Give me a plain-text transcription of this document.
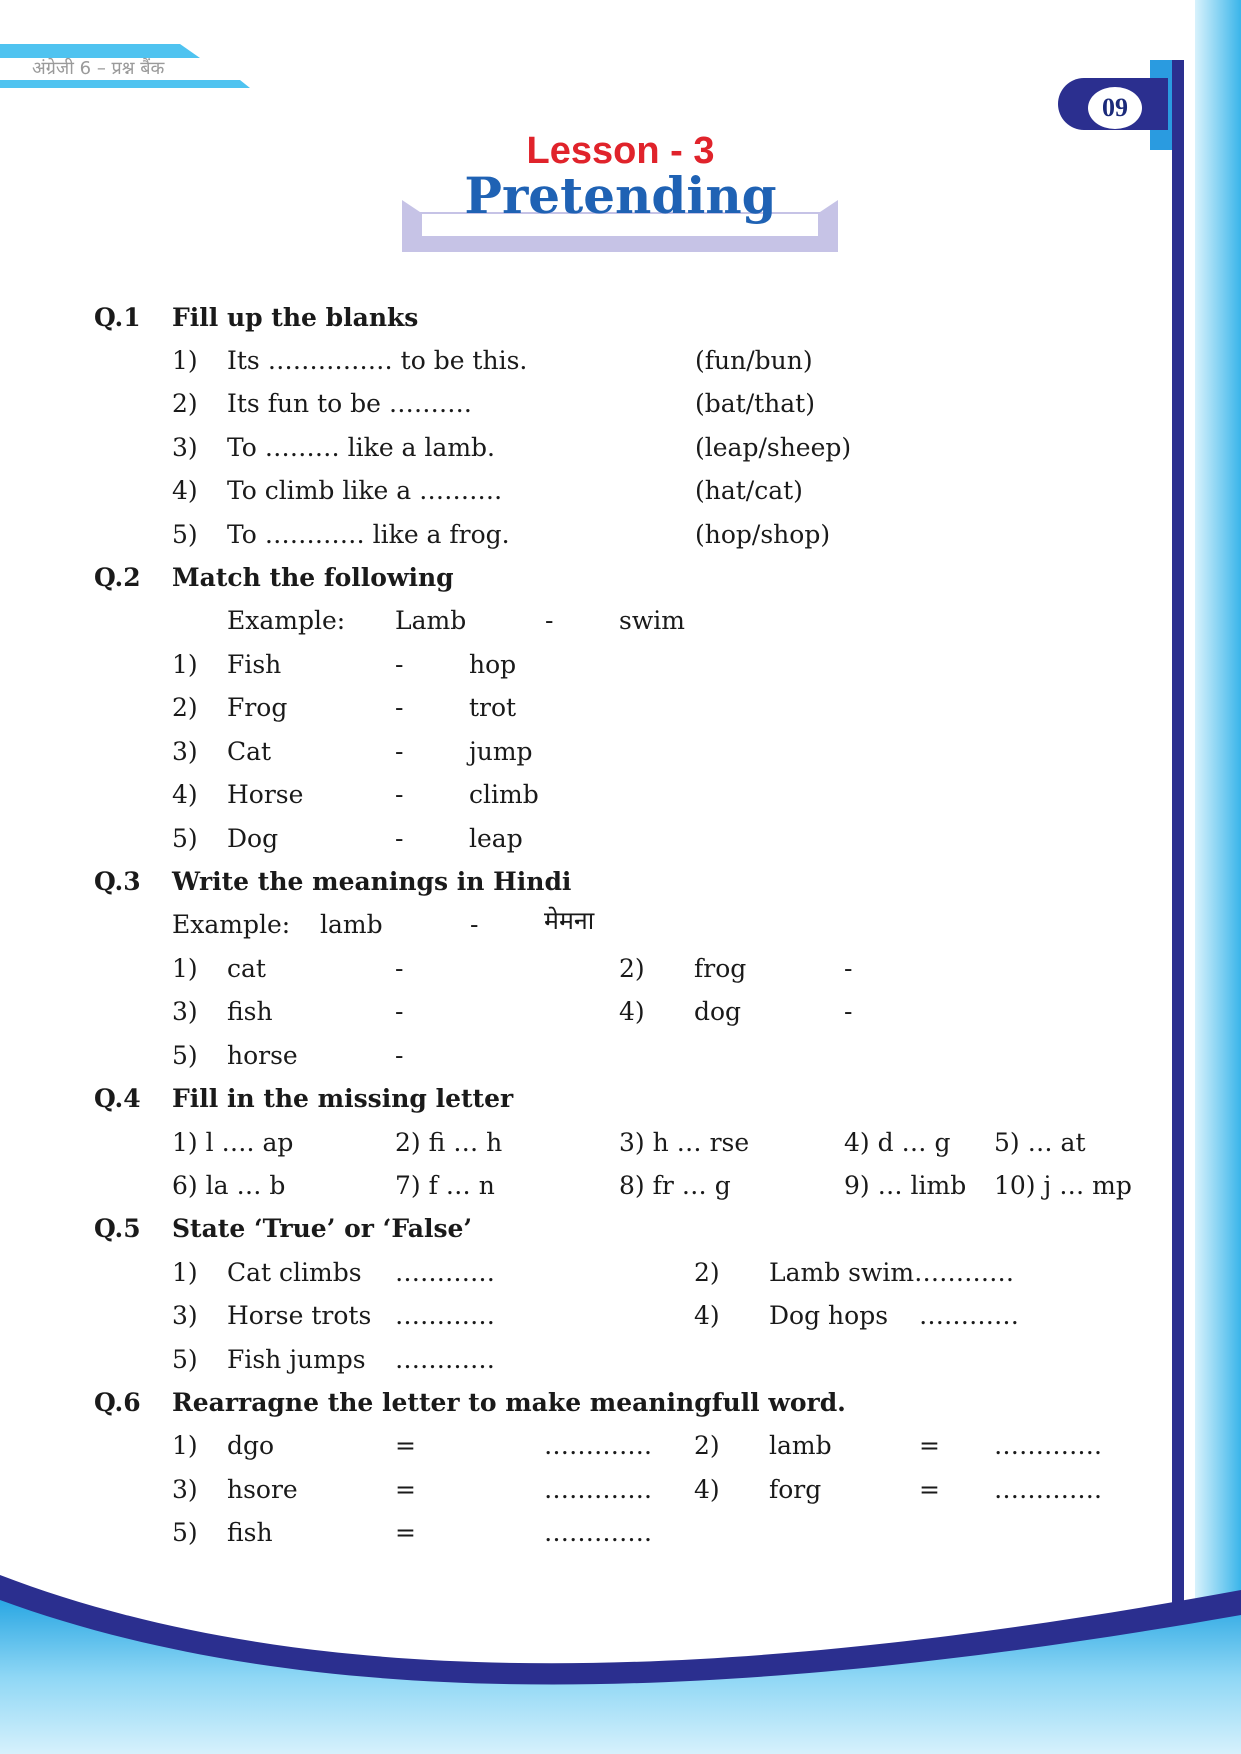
अंग्रेजी 6 – प्रश्न बैंक
09
Lesson - 3
Pretending
Q.1 Fill up the blanks
1) Its …………… to be this.	(fun/bun)
2) Its fun to be ……….	(bat/that)
3) To ……… like a lamb.	(leap/sheep)
4) To climb like a ……….	(hat/cat)
5) To ………… like a frog.	(hop/shop)
Q.2 Match the following
Example: Lamb	-	swim
1) Fish	-	hop
2) Frog	-	trot
3) Cat	-	jump
4) Horse	-	climb
5) Dog	-	leap
Q.3 Write the meanings in Hindi
Example: lamb	-	मेमना
1) cat	-	2) frog	-
3) fish	-	4) dog	-
5) horse	-
Q.4 Fill in the missing letter
1) l …. ap	2) fi … h	3) h … rse	4) d … g 5) … at
6) la … b	7) f … n	8) fr … g	9) … limb 10) j … mp
Q.5 State ‘True’ or ‘False’
1) Cat climbs …………	2) Lamb swim…………
3) Horse trots …………	4) Dog hops …………
5) Fish jumps …………
Q.6 Rearragne the letter to make meaningfull word.
1) dgo	=	…………. 2) lamb	= ………….
3) hsore	=	…………. 4) forg	= ………….
5) fish	=	………….
